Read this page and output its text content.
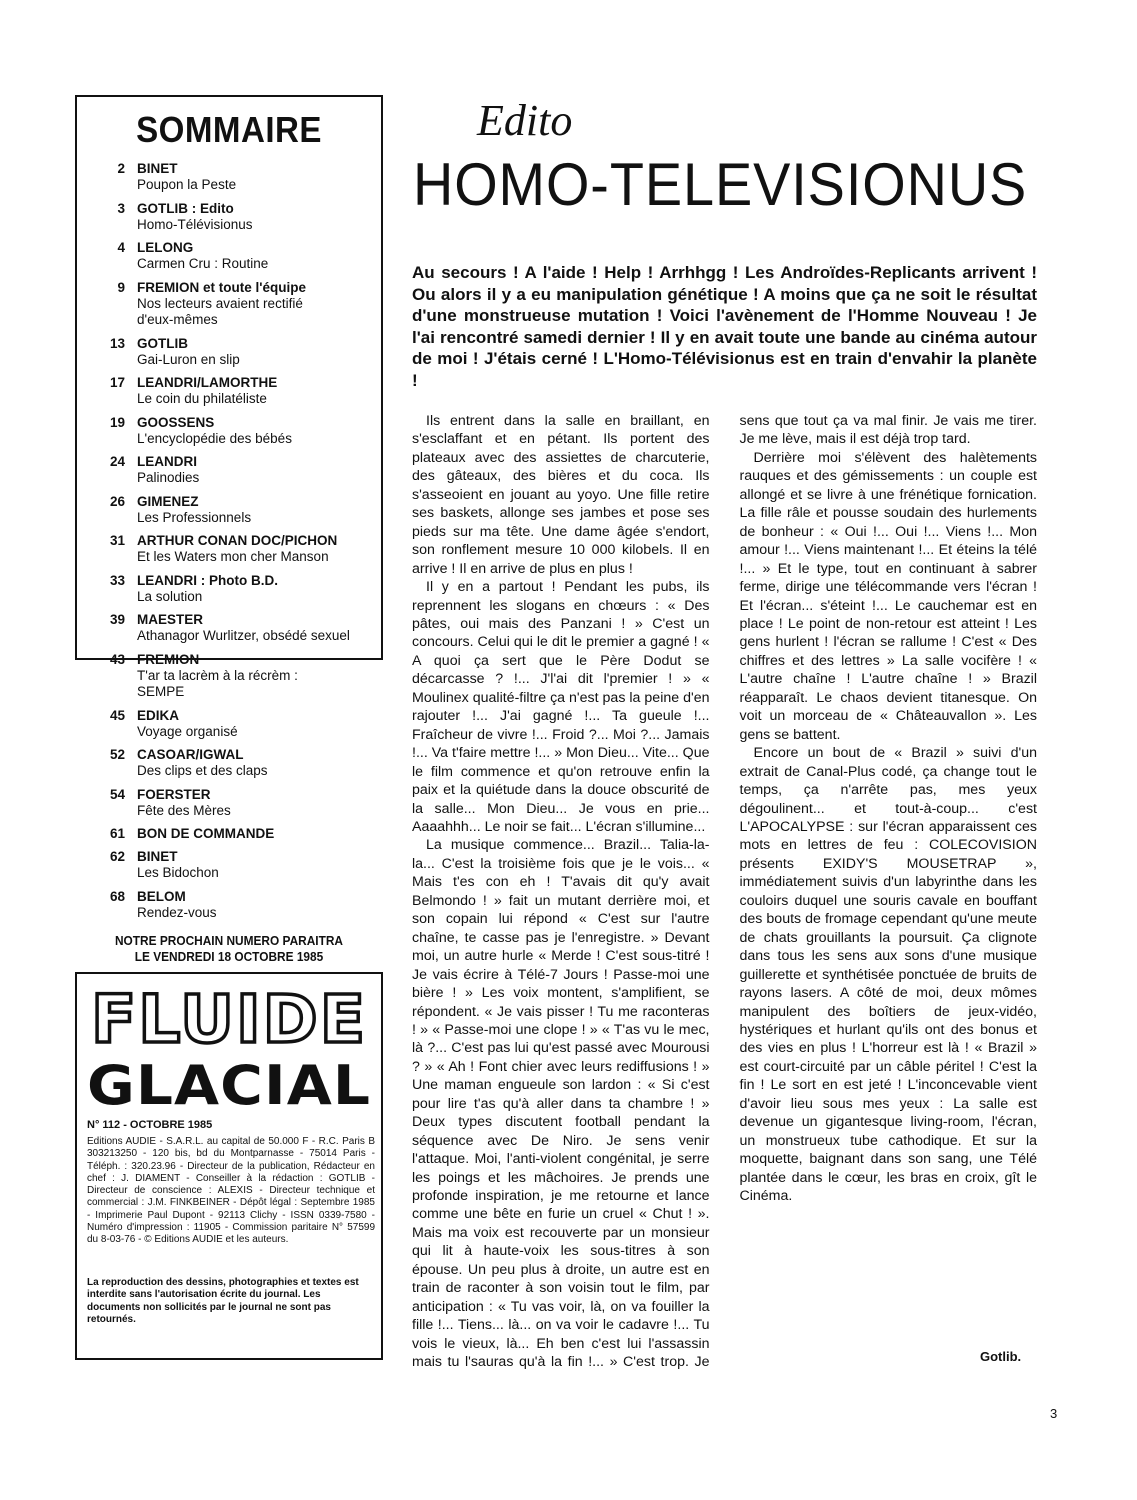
SOMMAIRE
2 BINET
Poupon la Peste
3 GOTLIB : Edito
Homo-Télévisionus
4 LELONG
Carmen Cru : Routine
9 FREMION et toute l'équipe
Nos lecteurs avaient rectifié
d'eux-mêmes
13 GOTLIB
Gai-Luron en slip
17 LEANDRI/LAMORTHE
Le coin du philatéliste
19 GOOSSENS
L'encyclopédie des bébés
24 LEANDRI
Palinodies
26 GIMENEZ
Les Professionnels
31 ARTHUR CONAN DOC/PICHON
Et les Waters mon cher Manson
33 LEANDRI : Photo B.D.
La solution
39 MAESTER
Athanagor Wurlitzer, obsédé sexuel
43 FREMION
T'ar ta lacrèm à la récrèm :
SEMPE
45 EDIKA
Voyage organisé
52 CASOAR/IGWAL
Des clips et des claps
54 FOERSTER
Fête des Mères
61 BON DE COMMANDE
62 BINET
Les Bidochon
68 BELOM
Rendez-vous
NOTRE PROCHAIN NUMERO PARAITRA
LE VENDREDI 18 OCTOBRE 1985
FLUIDE
GLACIAL
N° 112 - OCTOBRE 1985
Editions AUDIE - S.A.R.L. au capital de 50.000 F - R.C. Paris B 303213250 - 120 bis, bd du Montparnasse - 75014 Paris - Téléph. : 320.23.96 - Directeur de la publication, Rédacteur en chef : J. DIAMENT - Conseiller à la rédaction : GOTLIB - Directeur de conscience : ALEXIS - Directeur technique et commercial : J.M. FINKBEINER - Dépôt légal : Septembre 1985 - Imprimerie Paul Dupont - 92113 Clichy - ISSN 0339-7580 - Numéro d'impression : 11905 - Commission paritaire N° 57599 du 8-03-76 - © Editions AUDIE et les auteurs.
La reproduction des dessins, photographies et textes est interdite sans l'autorisation écrite du journal. Les documents non sollicités par le journal ne sont pas retournés.
Edito
HOMO-TELEVISIONUS
Au secours ! A l'aide ! Help ! Arrhhgg ! Les Androïdes-Replicants arrivent ! Ou alors il y a eu manipulation génétique ! A moins que ça ne soit le résultat d'une monstrueuse mutation ! Voici l'avènement de l'Homme Nouveau ! Je l'ai rencontré samedi dernier ! Il y en avait toute une bande au cinéma autour de moi ! J'étais cerné ! L'Homo-Télévisionus est en train d'envahir la planète !

Ils entrent dans la salle en braillant, en s'esclaffant et en pétant. Ils portent des plateaux avec des assiettes de charcuterie, des gâteaux, des bières et du coca. Ils s'asseoient en jouant au yoyo. Une fille retire ses baskets, allonge ses jambes et pose ses pieds sur ma tête. Une dame âgée s'endort, son ronflement mesure 10 000 kilobels. Il en arrive ! Il en arrive de plus en plus !

Il y en a partout ! Pendant les pubs, ils reprennent les slogans en chœurs : « Des pâtes, oui mais des Panzani ! » C'est un concours. Celui qui le dit le premier a gagné ! « A quoi ça sert que le Père Dodut se décarcasse ? !... J'l'ai dit l'premier ! » « Moulinex qualité-filtre ça n'est pas la peine d'en rajouter !... J'ai gagné !... Ta gueule !... Fraîcheur de vivre !... Froid ?... Moi ?... Jamais !... Va t'faire mettre !... » Mon Dieu... Vite... Que le film commence et qu'on retrouve enfin la paix et la quiétude dans la douce obscurité de la salle... Mon Dieu... Je vous en prie... Aaaahhh... Le noir se fait... L'écran s'illumine...

La musique commence... Brazil... Talia-la-la... C'est la troisième fois que je le vois... « Mais t'es con eh ! T'avais dit qu'y avait Belmondo ! » fait un mutant derrière moi, et son copain lui répond « C'est sur l'autre chaîne, te casse pas je l'enregistre. » Devant moi, un autre hurle « Merde ! C'est sous-titré ! Je vais écrire à Télé-7 Jours ! Passe-moi une bière ! » Les voix montent, s'amplifient, se répondent. « Je vais pisser ! Tu me raconteras ! » « Passe-moi une clope ! » « T'as vu le mec, là ?... C'est pas lui qu'est passé avec Mourousi ? » « Ah ! Font chier avec leurs rediffusions ! » Une maman engueule son lardon : « Si c'est pour lire t'as qu'à aller dans ta chambre ! » Deux types discutent football pendant la séquence avec De Niro. Je sens venir l'attaque. Moi, l'anti-violent congénital, je serre les poings et les mâchoires. Je prends une profonde inspiration, je me retourne et lance comme une bête en furie un cruel « Chut ! ». Mais ma voix est recouverte par un monsieur qui lit à haute-voix les sous-titres à son épouse. Un peu plus à droite, un autre est en train de raconter à son voisin tout le film, par anticipation : « Tu vas voir, là, on va fouiller la fille !... Tiens... là... on va voir le cadavre !... Tu vois le vieux, là... Eh ben c'est lui l'assassin mais tu l'sauras qu'à la fin !... » C'est trop. Je sens que tout ça va mal finir. Je vais me tirer. Je me lève, mais il est déjà trop tard.

Derrière moi s'élèvent des halètements rauques et des gémissements : un couple est allongé et se livre à une frénétique fornication. La fille râle et pousse soudain des hurlements de bonheur : « Oui !... Oui !... Viens !... Mon amour !... Viens maintenant !... Et éteins la télé !... » Et le type, tout en continuant à sabrer ferme, dirige une télécommande vers l'écran ! Et l'écran... s'éteint !... Le cauchemar est en place ! Le point de non-retour est atteint ! Les gens hurlent ! l'écran se rallume ! C'est « Des chiffres et des lettres » La salle vocifère ! « L'autre chaîne ! L'autre chaîne ! » Brazil réapparaît. Le chaos devient titanesque. On voit un morceau de « Châteauvallon ». Les gens se battent.

Encore un bout de « Brazil » suivi d'un extrait de Canal-Plus codé, ça change tout le temps, ça n'arrête pas, mes yeux dégoulinent... et tout-à-coup... c'est L'APOCALYPSE : sur l'écran apparaissent ces mots en lettres de feu : COLECOVISION présents EXIDY'S MOUSETRAP », immédiatement suivis d'un labyrinthe dans les couloirs duquel une souris cavale en bouffant des bouts de fromage cependant qu'une meute de chats grouillants la poursuit. Ça clignote dans tous les sens aux sons d'une musique guillerette et synthétisée ponctuée de bruits de rayons lasers. A côté de moi, deux mômes manipulent des boîtiers de jeux-vidéo, hystériques et hurlant qu'ils ont des bonus et des vies en plus ! L'horreur est là ! « Brazil » est court-circuité par un câble péritel ! C'est la fin ! Le sort en est jeté ! L'inconcevable vient d'avoir lieu sous mes yeux : La salle est devenue un gigantesque living-room, l'écran, un monstrueux tube cathodique. Et sur la moquette, baignant dans son sang, une Télé plantée dans le cœur, les bras en croix, gît le Cinéma.

Gotlib.
3
